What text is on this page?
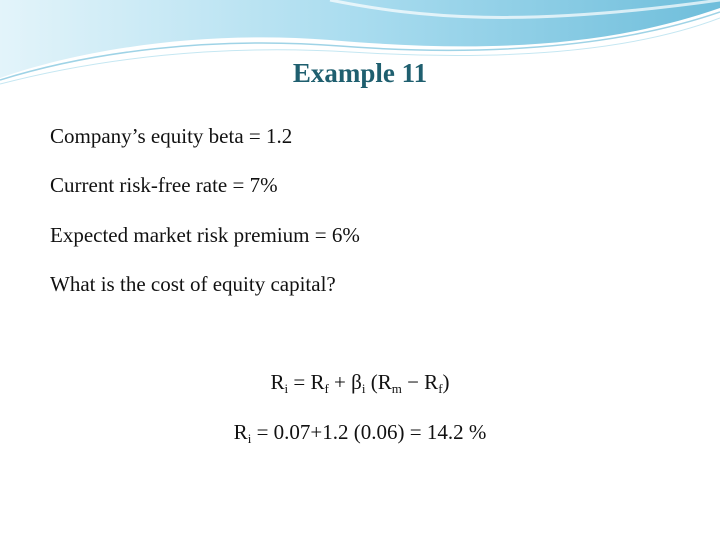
Example 11
Company’s equity beta = 1.2
Current risk-free rate = 7%
Expected market risk premium = 6%
What is the cost of equity capital?
$R_i = R_f + \beta_i$ $(R_m - R_f)$
$R_i = 0.07+1.2$ (0.06) = 14.2 %
